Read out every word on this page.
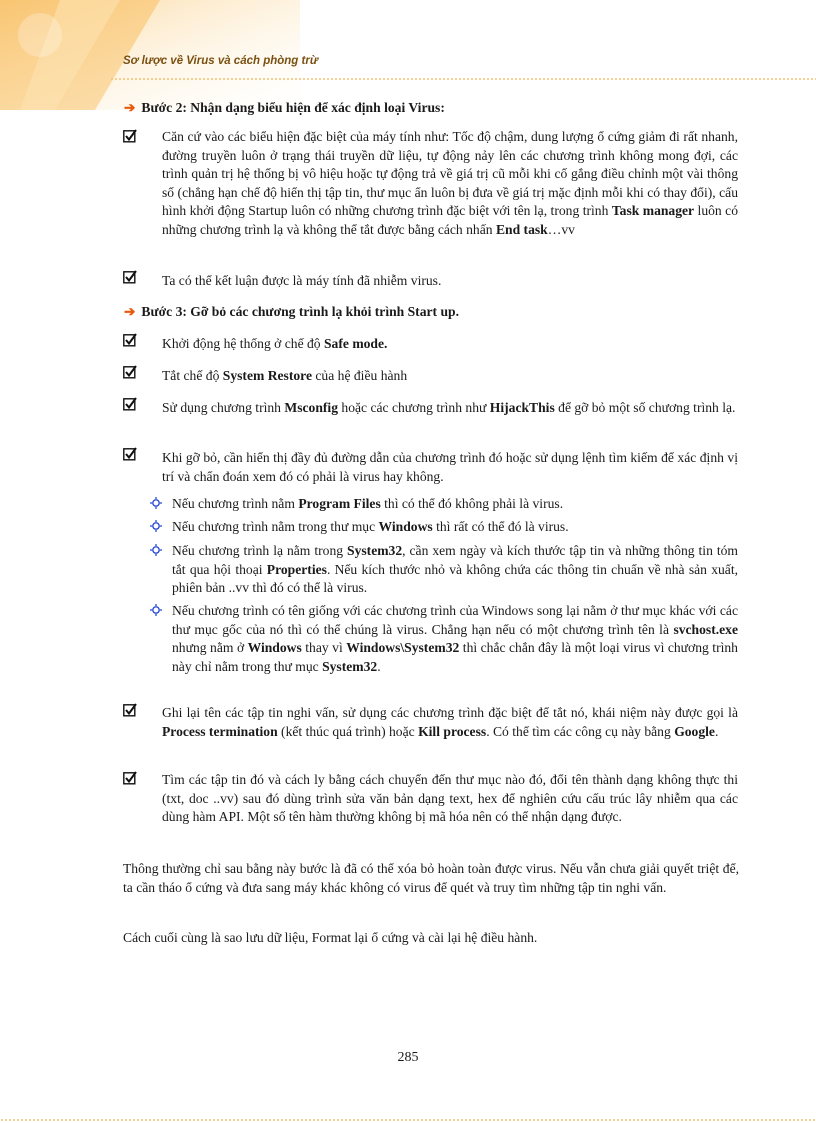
Sơ lược về Virus và cách phòng trừ
➔ Bước 2: Nhận dạng biểu hiện để xác định loại Virus:
Căn cứ vào các biểu hiện đặc biệt của máy tính như: Tốc độ chậm, dung lượng ổ cứng giảm đi rất nhanh, đường truyền luôn ở trạng thái truyền dữ liệu, tự động nảy lên các chương trình không mong đợi, các trình quản trị hệ thống bị vô hiệu hoặc tự động trả về giá trị cũ mỗi khi cố gắng điều chỉnh một vài thông số (chẳng hạn chế độ hiển thị tập tin, thư mục ẩn luôn bị đưa về giá trị mặc định mỗi khi có thay đổi), cấu hình khởi động Startup luôn có những chương trình đặc biệt với tên lạ, trong trình Task manager luôn có những chương trình lạ và không thể tắt được bằng cách nhấn End task…vv
Ta có thể kết luận được là máy tính đã nhiễm virus.
➔ Bước 3: Gỡ bỏ các chương trình lạ khỏi trình Start up.
Khởi động hệ thống ở chế độ Safe mode.
Tắt chế độ System Restore của hệ điều hành
Sử dụng chương trình Msconfig hoặc các chương trình như HijackThis để gỡ bỏ một số chương trình lạ.
Khi gỡ bỏ, cần hiển thị đầy đủ đường dẫn của chương trình đó hoặc sử dụng lệnh tìm kiếm để xác định vị trí và chẩn đoán xem đó có phải là virus hay không.
Nếu chương trình nằm Program Files thì có thể đó không phải là virus.
Nếu chương trình nằm trong thư mục Windows thì rất có thể đó là virus.
Nếu chương trình lạ nằm trong System32, cần xem ngày và kích thước tập tin và những thông tin tóm tắt qua hội thoại Properties. Nếu kích thước nhỏ và không chứa các thông tin chuẩn về nhà sản xuất, phiên bản ..vv thì đó có thể là virus.
Nếu chương trình có tên giống với các chương trình của Windows song lại nằm ở thư mục khác với các thư mục gốc của nó thì có thể chúng là virus. Chẳng hạn nếu có một chương trình tên là svchost.exe nhưng nằm ở Windows thay vì Windows\System32 thì chắc chắn đây là một loại virus vì chương trình này chỉ nằm trong thư mục System32.
Ghi lại tên các tập tin nghi vấn, sử dụng các chương trình đặc biệt để tắt nó, khái niệm này được gọi là Process termination (kết thúc quá trình) hoặc Kill process. Có thể tìm các công cụ này bằng Google.
Tìm các tập tin đó và cách ly bằng cách chuyển đến thư mục nào đó, đổi tên thành dạng không thực thi (txt, doc ..vv) sau đó dùng trình sửa văn bản dạng text, hex để nghiên cứu cấu trúc lây nhiễm qua các dùng hàm API. Một số tên hàm thường không bị mã hóa nên có thể nhận dạng được.
Thông thường chỉ sau bằng này bước là đã có thể xóa bỏ hoàn toàn được virus. Nếu vẫn chưa giải quyết triệt để, ta cần tháo ổ cứng và đưa sang máy khác không có virus để quét và truy tìm những tập tin nghi vấn.
Cách cuối cùng là sao lưu dữ liệu, Format lại ổ cứng và cài lại hệ điều hành.
285
